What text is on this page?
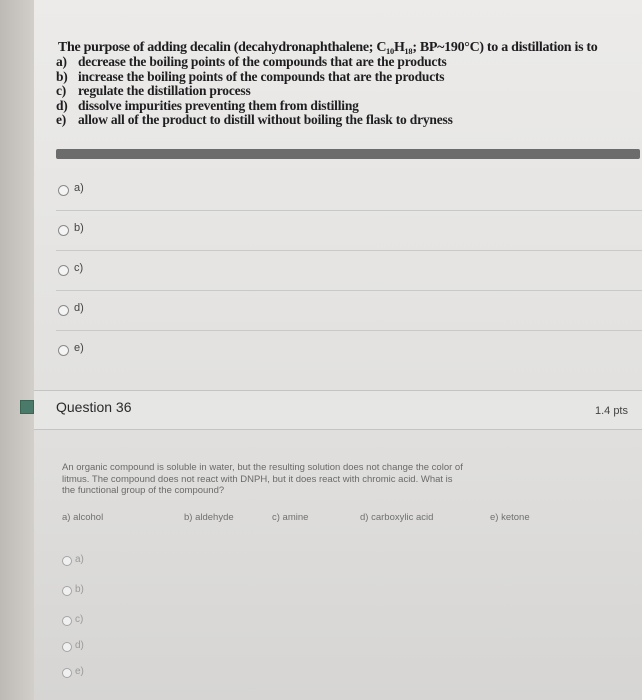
The purpose of adding decalin (decahydronaphthalene; C₁₀H₁₈; BP~190°C) to a distillation is to
a) decrease the boiling points of the compounds that are the products
b) increase the boiling points of the compounds that are the products
c) regulate the distillation process
d) dissolve impurities preventing them from distilling
e) allow all of the product to distill without boiling the flask to dryness
a)
b)
c)
d)
e)
Question 36	1.4 pts
An organic compound is soluble in water, but the resulting solution does not change the color of
litmus. The compound does not react with DNPH, but it does react with chromic acid. What is
the functional group of the compound?
a) alcohol	b) aldehyde	c) amine	d) carboxylic acid	e) ketone
a)
b)
c)
d)
e)
